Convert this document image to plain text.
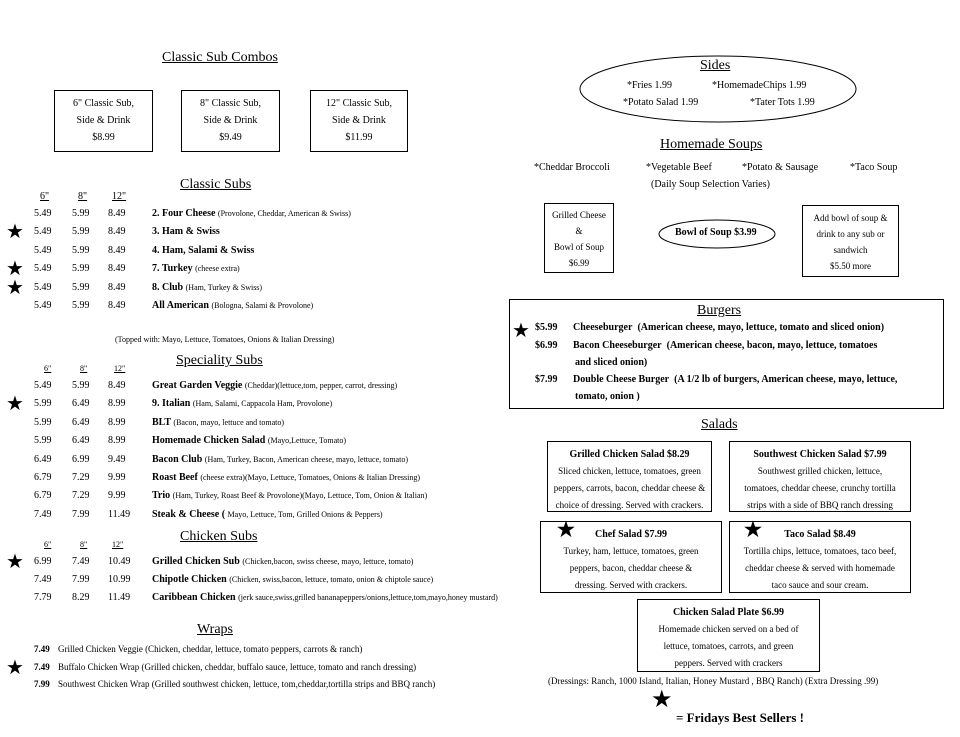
Classic Sub Combos
6" Classic Sub,
Side & Drink
$8.99
8" Classic Sub,
Side & Drink
$9.49
12" Classic Sub,
Side & Drink
$11.99
Classic Subs
6"	8" 12"
5.49 5.99 8.49	2. Four Cheese (Provolone, Cheddar, American & Swiss)
★ 5.49 5.99 8.49	3. Ham & Swiss
5.49 5.99 8.49	4. Ham, Salami & Swiss
★ 5.49 5.99 8.49	7. Turkey (cheese extra)
★ 5.49 5.99 8.49	8. Club (Ham, Turkey & Swiss)
5.49 5.99 8.49	All American (Bologna, Salami & Provolone)
(Topped with: Mayo, Lettuce, Tomatoes, Onions & Italian Dressing)
Speciality Subs
6"	8"	12"
5.49 5.99 8.49	Great Garden Veggie (Cheddar)(lettuce,tom, pepper, carrot, dressing)
★ 5.99 6.49 8.99	9. Italian (Ham, Salami, Cappacola Ham, Provolone)
5.99 6.49 8.99	BLT (Bacon, mayo, lettuce and tomato)
5.99 6.49 8.99	Homemade Chicken Salad (Mayo,Lettuce, Tomato)
6.49 6.99 9.49	Bacon Club (Ham, Turkey, Bacon, American cheese, mayo, lettuce, tomato)
6.79 7.29 9.99	Roast Beef (cheese extra)(Mayo, Lettuce, Tomatoes, Onions & Italian Dressing)
6.79 7.29 9.99	Trio (Ham, Turkey, Roast Beef & Provolone)(Mayo, Lettuce, Tom, Onion & Italian)
7.49 7.99 11.49 Steak & Cheese ( Mayo, Lettuce, Tom, Grilled Onions & Peppers)
Chicken Subs
6"	8"	12"
★ 6.99 7.49 10.49 Grilled Chicken Sub (Chicken,bacon, swiss cheese, mayo, lettuce, tomato)
7.49 7.99 10.99 Chipotle Chicken (Chicken, swiss,bacon, lettuce, tomato, onion & chiptole sauce)
7.79 8.29 11.49 Caribbean Chicken (jerk sauce,swiss,grilled bananapeppers/onions,lettuce,tom,mayo,honey mustard)
Wraps
7.49 Grilled Chicken Veggie (Chicken, cheddar, lettuce, tomato peppers, carrots & ranch)
★ 7.49 Buffalo Chicken Wrap (Grilled chicken, cheddar, buffalo sauce, lettuce, tomato and ranch dressing)
7.99 Southwest Chicken Wrap (Grilled southwest chicken, lettuce, tom,cheddar,tortilla strips and BBQ ranch)
Sides
*Fries 1.99	*HomemadeChips 1.99
*Potato Salad 1.99	*Tater Tots 1.99
Homemade Soups
*Cheddar Broccoli	*Vegetable Beef	*Potato & Sausage	*Taco Soup
(Daily Soup Selection Varies)
Grilled Cheese
&
Bowl of Soup
$6.99
Bowl of Soup $3.99
Add bowl of soup &
drink to any sub or
sandwich
$5.50 more
Burgers
★ $5.99 Cheeseburger (American cheese, mayo, lettuce, tomato and sliced onion)
$6.99 Bacon Cheeseburger (American cheese, bacon, mayo, lettuce, tomatoes
and sliced onion)
$7.99 Double Cheese Burger (A 1/2 lb of burgers, American cheese, mayo, lettuce,
tomato, onion )
Salads
Grilled Chicken Salad $8.29
Sliced chicken, lettuce, tomatoes, green
peppers, carrots, bacon, cheddar cheese &
choice of dressing. Served with crackers.
Southwest Chicken Salad $7.99
Southwest grilled chicken, lettuce,
tomatoes, cheddar cheese, crunchy tortilla
strips with a side of BBQ ranch dressing
★ Chef Salad $7.99
Turkey, ham, lettuce, tomatoes, green
peppers, bacon, cheddar cheese &
dressing. Served with crackers.
★ Taco Salad $8.49
Tortilla chips, lettuce, tomatoes, taco beef,
cheddar cheese & served with homemade
taco sauce and sour cream.
Chicken Salad Plate $6.99
Homemade chicken served on a bed of
lettuce, tomatoes, carrots, and green
peppers. Served with crackers
(Dressings: Ranch, 1000 Island, Italian, Honey Mustard , BBQ Ranch) (Extra Dressing .99)
★
= Fridays Best Sellers !
